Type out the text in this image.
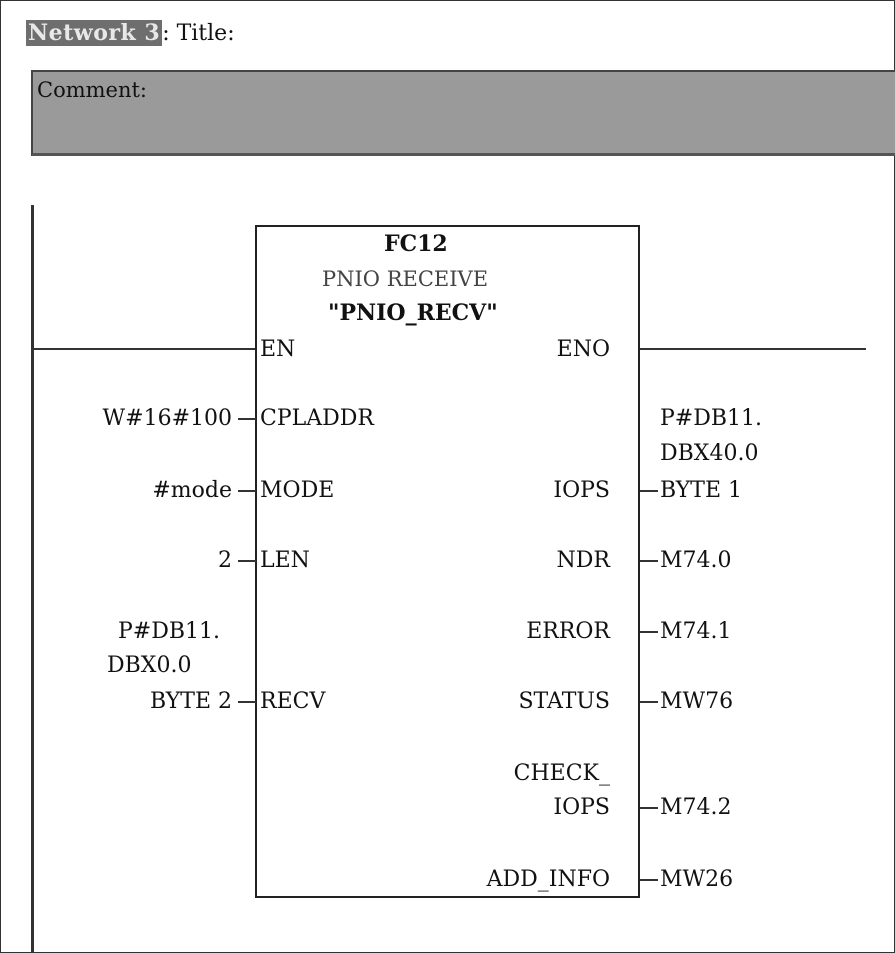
Network 3: Title:
Comment:
FC12
PNIO RECEIVE
"PNIO_RECV"
EN
CPLADDR
MODE
LEN
RECV
W#16#100
#mode
2
P#DB11.
DBX0.0
BYTE 2
ENO
IOPS
NDR
ERROR
STATUS
CHECK_
IOPS
ADD_INFO
P#DB11.
DBX40.0
BYTE 1
M74.0
M74.1
MW76
M74.2
MW26
